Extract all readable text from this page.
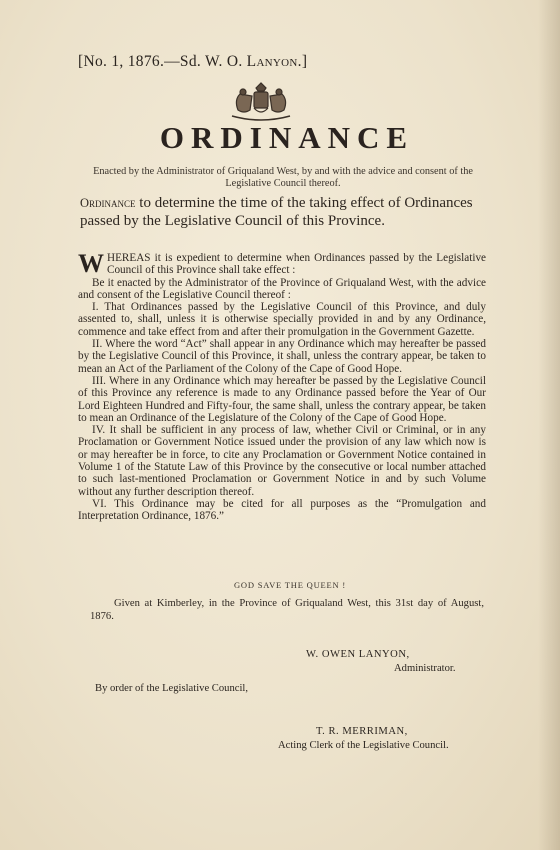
[No. 1, 1876.—Sd. W. O. Lanyon.]
ORDINANCE
Enacted by the Administrator of Griqualand West, by and with the advice and consent of the Legislative Council thereof.
Ordinance to determine the time of the taking effect of Ordinances passed by the Legislative Council of this Province.

WHEREAS it is expedient to determine when Ordinances passed by the Legislative Council of this Province shall take effect :

Be it enacted by the Administrator of the Province of Griqualand West, with the advice and consent of the Legislative Council thereof :

I. That Ordinances passed by the Legislative Council of this Province, and duly assented to, shall, unless it is otherwise specially provided in and by any Ordinance, commence and take effect from and after their promulgation in the Government Gazette.

II. Where the word “Act” shall appear in any Ordinance which may hereafter be passed by the Legislative Council of this Province, it shall, unless the contrary appear, be taken to mean an Act of the Parliament of the Colony of the Cape of Good Hope.

III. Where in any Ordinance which may hereafter be passed by the Legislative Council of this Province any reference is made to any Ordinance passed before the Year of Our Lord Eighteen Hundred and Fifty-four, the same shall, unless the contrary appear, be taken to mean an Ordinance of the Legislature of the Colony of the Cape of Good Hope.

IV. It shall be sufficient in any process of law, whether Civil or Criminal, or in any Proclamation or Government Notice issued under the provision of any law which now is or may hereafter be in force, to cite any Proclamation or Government Notice contained in Volume 1 of the Statute Law of this Province by the consecutive or local number attached to such last-mentioned Proclamation or Government Notice in and by such Volume without any further description thereof.

VI. This Ordinance may be cited for all purposes as the “Promulgation and Interpretation Ordinance, 1876.”

GOD SAVE THE QUEEN !

Given at Kimberley, in the Province of Griqualand West, this 31st day of August, 1876.

W. OWEN LANYON,
Administrator.
By order of the Legislative Council,
T. R. MERRIMAN,
Acting Clerk of the Legislative Council.
